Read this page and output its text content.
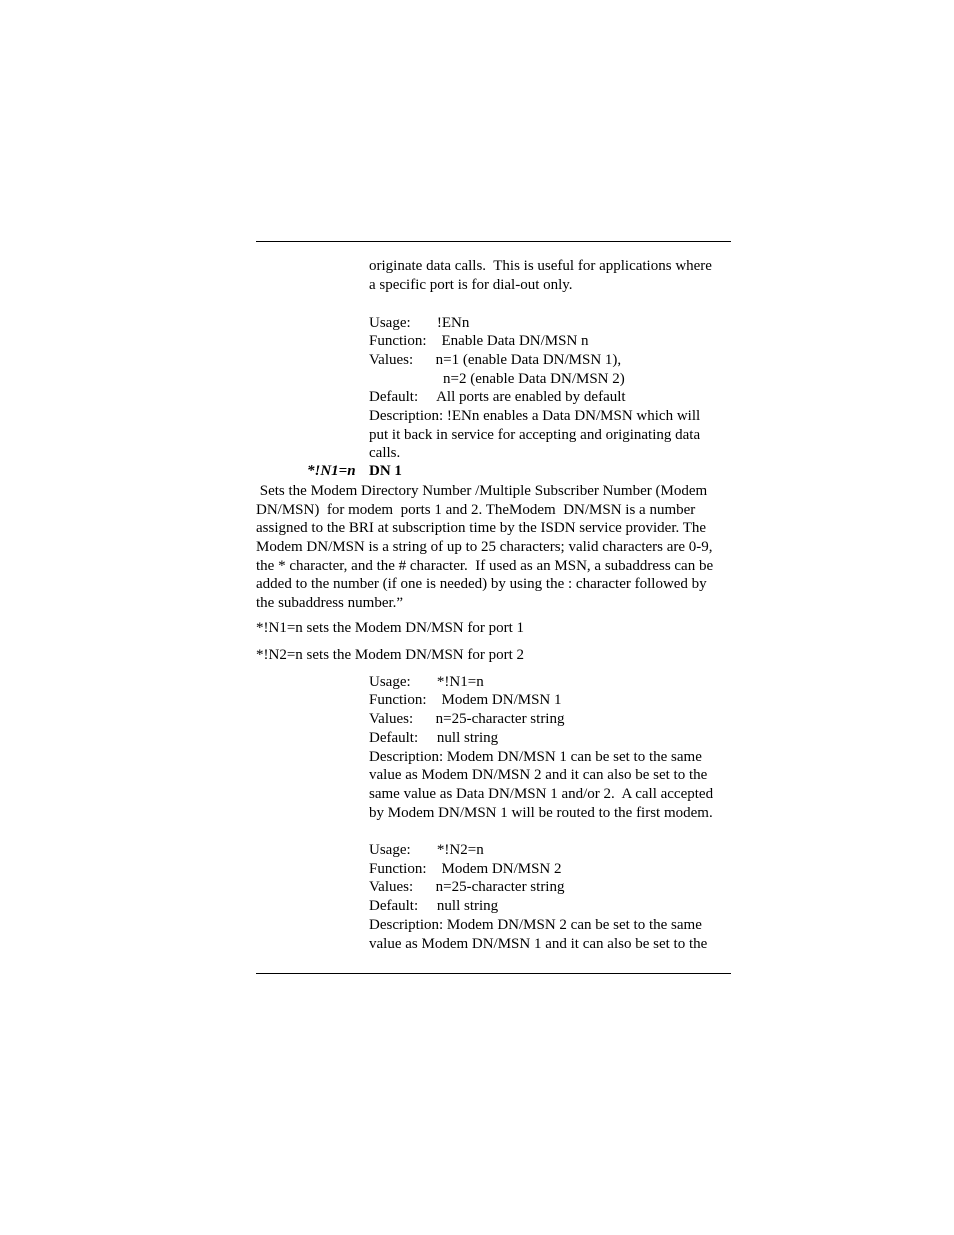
originate data calls.  This is useful for applications where
a specific port is for dial-out only.
Usage:       !ENn
Function:    Enable Data DN/MSN n
Values:      n=1 (enable Data DN/MSN 1),
n=2 (enable Data DN/MSN 2)
Default:     All ports are enabled by default
Description: !ENn enables a Data DN/MSN which will
put it back in service for accepting and originating data
calls.
*!N1=n DN 1
Sets the Modem Directory Number /Multiple Subscriber Number (Modem
DN/MSN)  for modem  ports 1 and 2. TheModem  DN/MSN is a number
assigned to the BRI at subscription time by the ISDN service provider. The
Modem DN/MSN is a string of up to 25 characters; valid characters are 0-9,
the * character, and the # character.  If used as an MSN, a subaddress can be
added to the number (if one is needed) by using the : character followed by
the subaddress number.”
*!N1=n sets the Modem DN/MSN for port 1
*!N2=n sets the Modem DN/MSN for port 2
Usage:       *!N1=n
Function:    Modem DN/MSN 1
Values:      n=25-character string
Default:     null string
Description: Modem DN/MSN 1 can be set to the same
value as Modem DN/MSN 2 and it can also be set to the
same value as Data DN/MSN 1 and/or 2.  A call accepted
by Modem DN/MSN 1 will be routed to the first modem.
Usage:       *!N2=n
Function:    Modem DN/MSN 2
Values:      n=25-character string
Default:     null string
Description: Modem DN/MSN 2 can be set to the same
value as Modem DN/MSN 1 and it can also be set to the
